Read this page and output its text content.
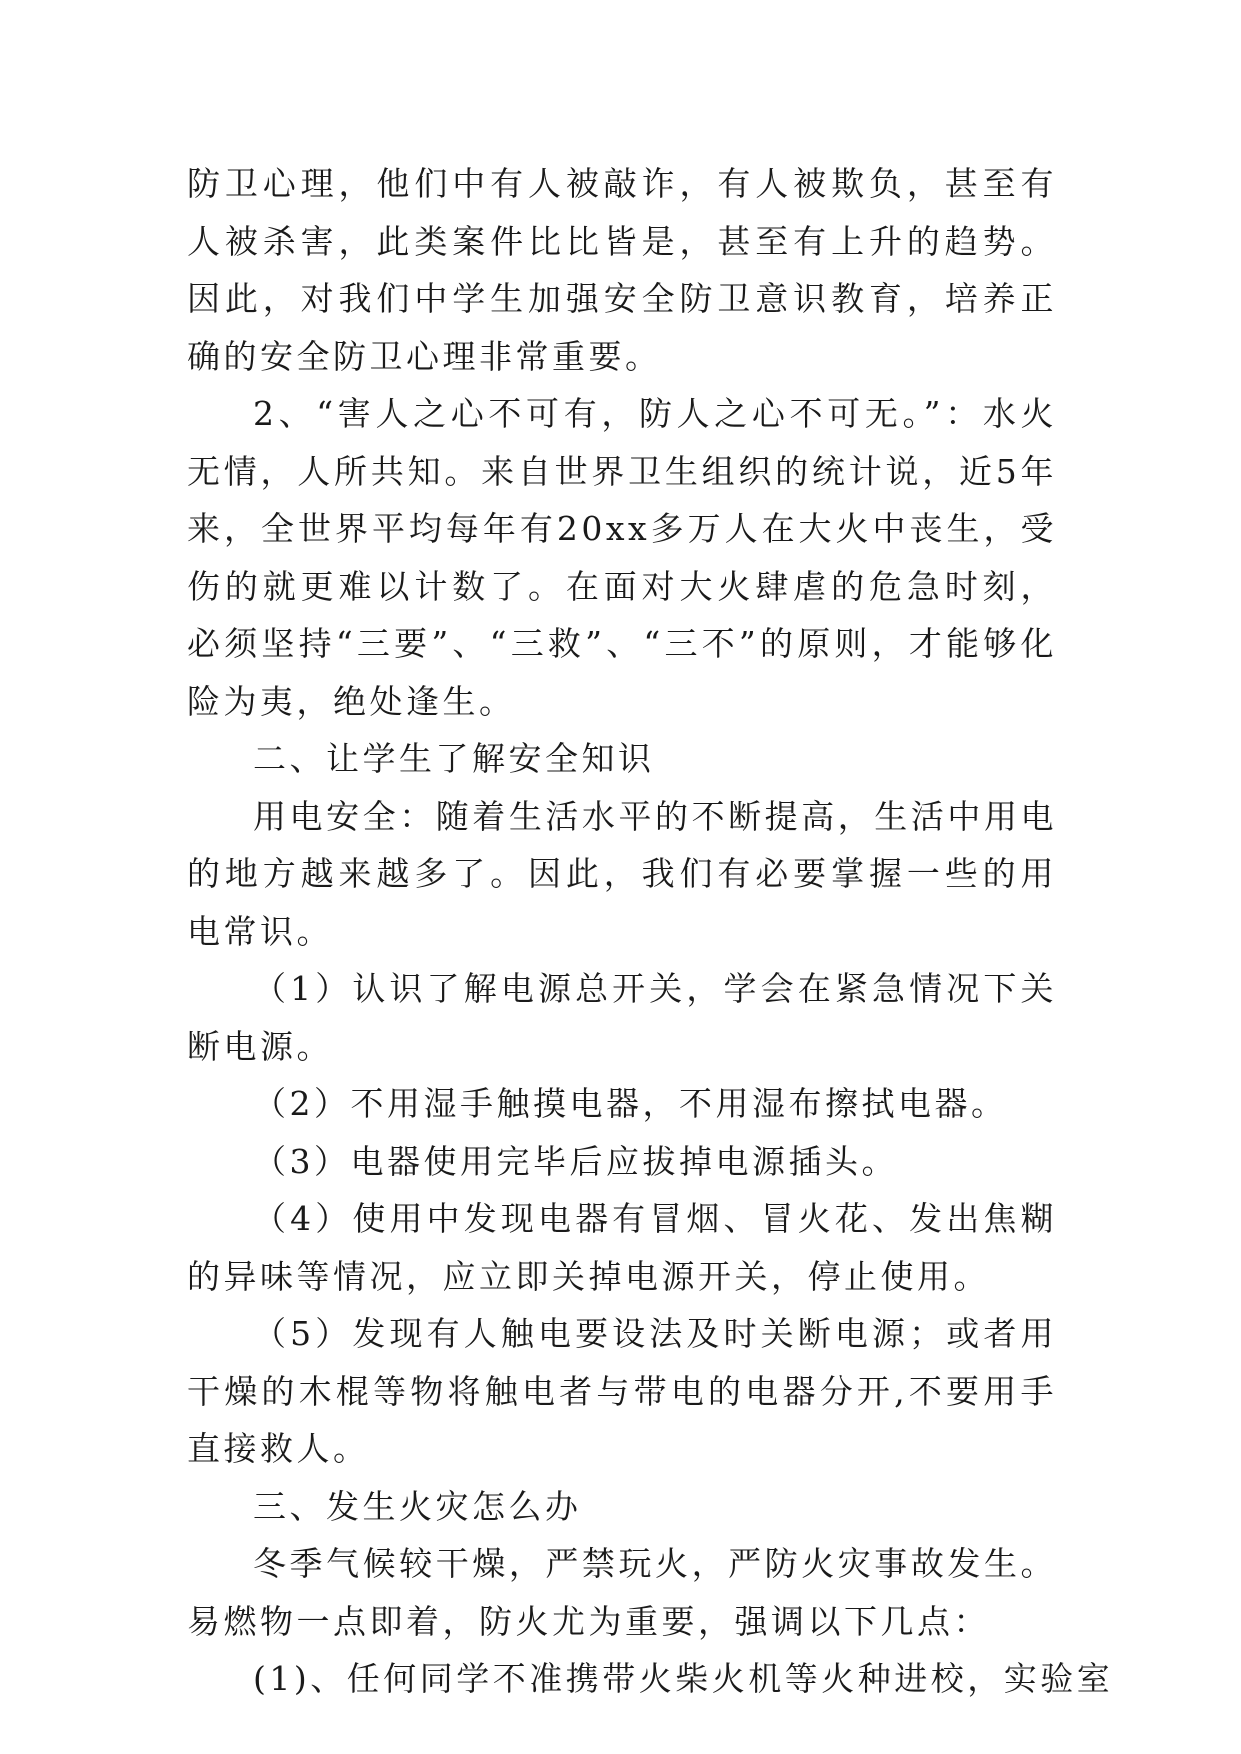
防卫心理，他们中有人被敲诈，有人被欺负，甚至有人被杀害，此类案件比比皆是，甚至有上升的趋势。因此，对我们中学生加强安全防卫意识教育，培养正确的安全防卫心理非常重要。

2、“害人之心不可有，防人之心不可无。”：水火无情，人所共知。来自世界卫生组织的统计说，近5年来，全世界平均每年有20xx多万人在大火中丧生，受伤的就更难以计数了。在面对大火肆虐的危急时刻，必须坚持“三要”、“三救”、“三不”的原则，才能够化险为夷，绝处逢生。

二、让学生了解安全知识

用电安全：随着生活水平的不断提高，生活中用电的地方越来越多了。因此，我们有必要掌握一些的用电常识。

（1）认识了解电源总开关，学会在紧急情况下关断电源。

（2）不用湿手触摸电器，不用湿布擦拭电器。

（3）电器使用完毕后应拔掉电源插头。

（4）使用中发现电器有冒烟、冒火花、发出焦糊的异味等情况，应立即关掉电源开关，停止使用。

（5）发现有人触电要设法及时关断电源；或者用干燥的木棍等物将触电者与带电的电器分开,不要用手直接救人。

三、发生火灾怎么办

冬季气候较干燥，严禁玩火，严防火灾事故发生。易燃物一点即着，防火尤为重要，强调以下几点：

(1)、任何同学不准携带火柴火机等火种进校，实验室
